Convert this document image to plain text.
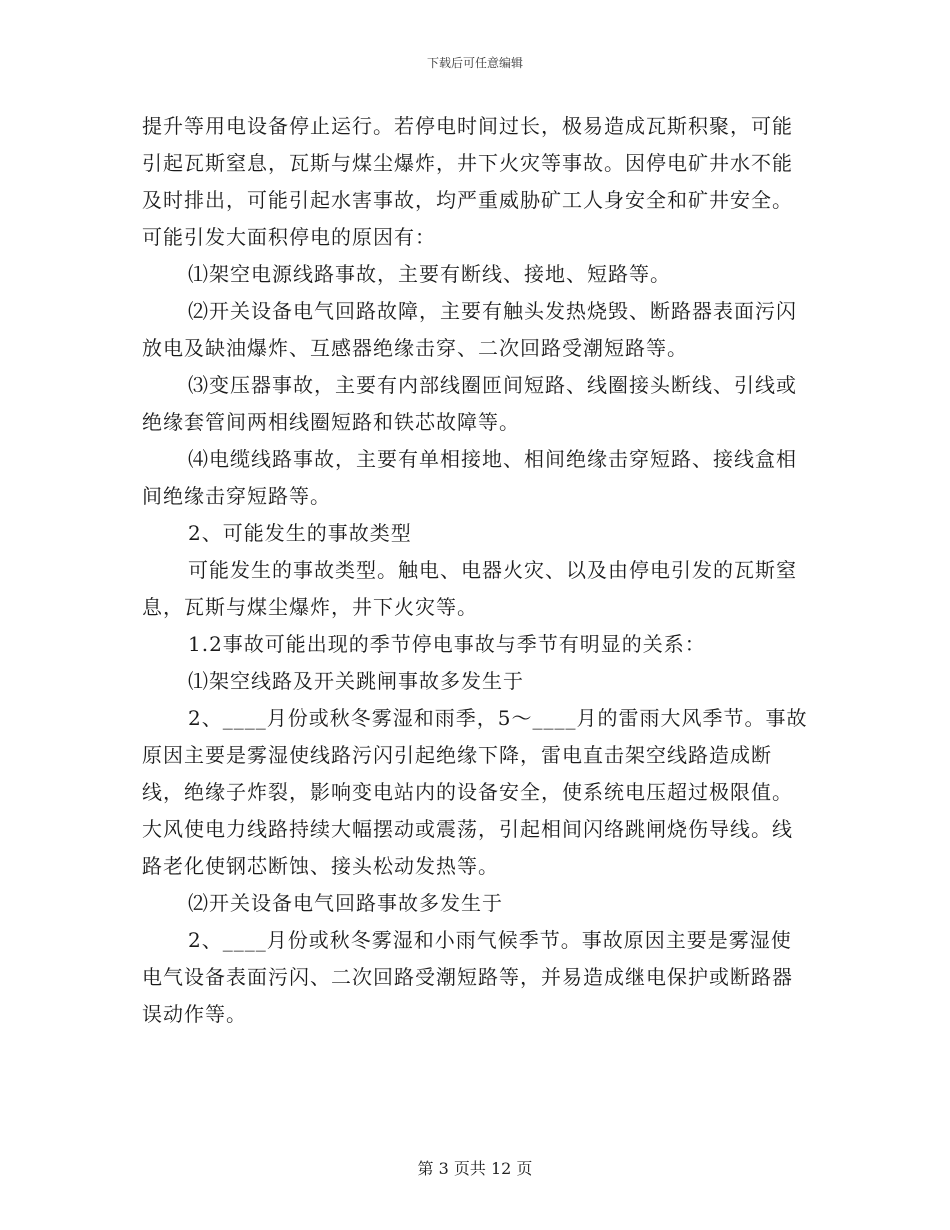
下载后可任意编辑

提升等用电设备停止运行。若停电时间过长，极易造成瓦斯积聚，可能引起瓦斯窒息，瓦斯与煤尘爆炸，井下火灾等事故。因停电矿井水不能及时排出，可能引起水害事故，均严重威胁矿工人身安全和矿井安全。可能引发大面积停电的原因有：

⑴架空电源线路事故，主要有断线、接地、短路等。

⑵开关设备电气回路故障，主要有触头发热烧毁、断路器表面污闪放电及缺油爆炸、互感器绝缘击穿、二次回路受潮短路等。

⑶变压器事故，主要有内部线圈匝间短路、线圈接头断线、引线或绝缘套管间两相线圈短路和铁芯故障等。

⑷电缆线路事故，主要有单相接地、相间绝缘击穿短路、接线盒相间绝缘击穿短路等。

2、可能发生的事故类型

可能发生的事故类型。触电、电器火灾、以及由停电引发的瓦斯窒息，瓦斯与煤尘爆炸，井下火灾等。

1.2事故可能出现的季节停电事故与季节有明显的关系：

⑴架空线路及开关跳闸事故多发生于

2、____月份或秋冬雾湿和雨季，5～____月的雷雨大风季节。事故原因主要是雾湿使线路污闪引起绝缘下降，雷电直击架空线路造成断线，绝缘子炸裂，影响变电站内的设备安全，使系统电压超过极限值。大风使电力线路持续大幅摆动或震荡，引起相间闪络跳闸烧伤导线。线路老化使钢芯断蚀、接头松动发热等。

⑵开关设备电气回路事故多发生于

2、____月份或秋冬雾湿和小雨气候季节。事故原因主要是雾湿使电气设备表面污闪、二次回路受潮短路等，并易造成继电保护或断路器误动作等。

第 3 页共 12 页
